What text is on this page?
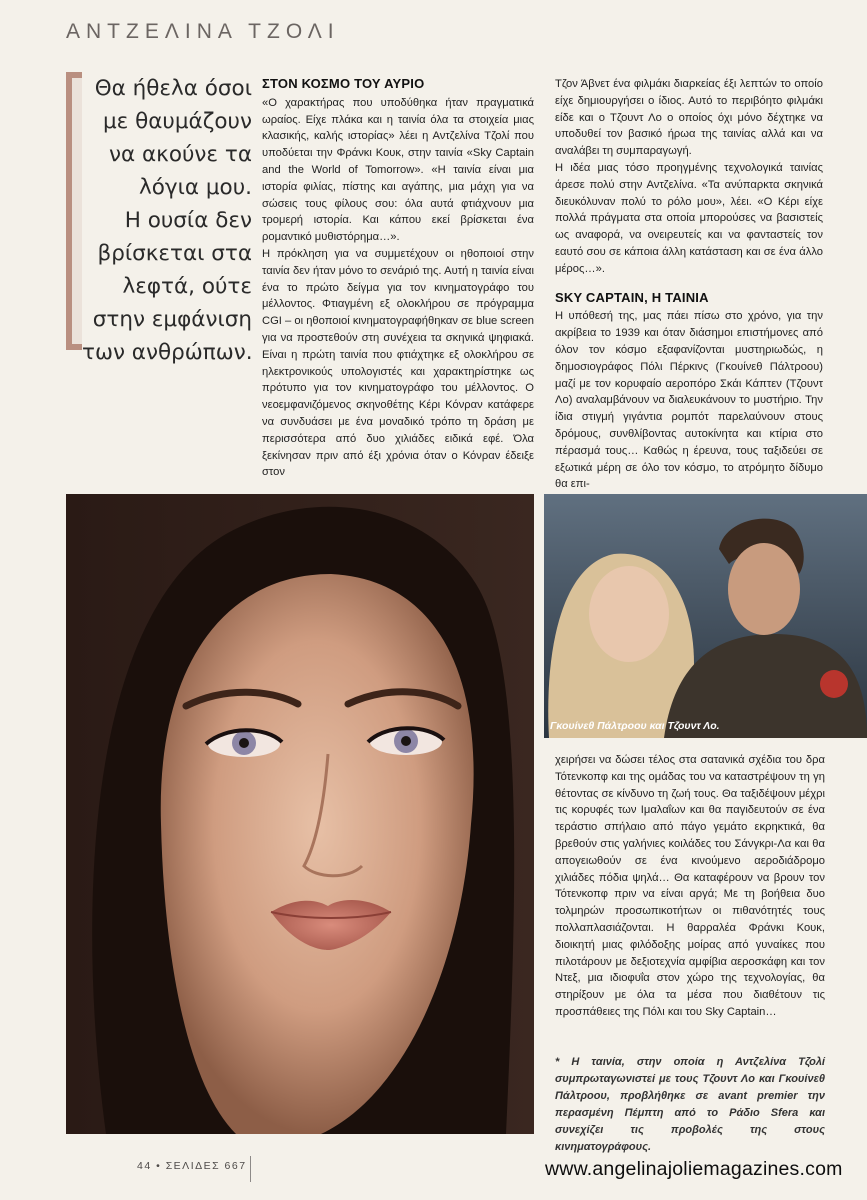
ΑΝΤΖΕΛΙΝΑ ΤΖΟΛΙ
Θα ήθελα όσοι
με θαυμάζουν
να ακούνε τα
λόγια μου.
Η ουσία δεν
βρίσκεται στα
λεφτά, ούτε
στην εμφάνιση
των ανθρώπων.
ΣΤΟΝ ΚΟΣΜΟ ΤΟΥ ΑΥΡΙΟ

«Ο χαρακτήρας που υποδύθηκα ήταν πραγματικά ωραίος. Είχε πλάκα και η ταινία όλα τα στοιχεία μιας κλασικής, καλής ιστορίας» λέει η Αντζελίνα Τζολί που υποδύεται την Φράνκι Κουκ, στην ταινία «Sky Captain and the World of Tomorrow». «Η ταινία είναι μια ιστορία φιλίας, πίστης και αγάπης, μια μάχη για να σώσεις τους φίλους σου: όλα αυτά φτιάχνουν μια τρομερή ιστορία. Και κάπου εκεί βρίσκεται ένα ρομαντικό μυθιστόρημα…».

Η πρόκληση για να συμμετέχουν οι ηθοποιοί στην ταινία δεν ήταν μόνο το σενάριό της. Αυτή η ταινία είναι ένα το πρώτο δείγμα για τον κινηματογράφο του μέλλοντος. Φτιαγμένη εξ ολοκλήρου σε πρόγραμμα CGI – οι ηθοποιοί κινηματογραφήθηκαν σε blue screen για να προστεθούν στη συνέχεια τα σκηνικά ψηφιακά. Είναι η πρώτη ταινία που φτιάχτηκε εξ ολοκλήρου σε ηλεκτρονικούς υπολογιστές και χαρακτηρίστηκε ως πρότυπο για τον κινηματογράφο του μέλλοντος. Ο νεοεμφανιζόμενος σκηνοθέτης Κέρι Κόνραν κατάφερε να συνδυάσει με ένα μοναδικό τρόπο τη δράση με περισσότερα από δυο χιλιάδες ειδικά εφέ. Όλα ξεκίνησαν πριν από έξι χρόνια όταν ο Κόνραν έδειξε στον

Τζον Άβνετ ένα φιλμάκι διαρκείας έξι λεπτών το οποίο είχε δημιουργήσει ο ίδιος. Αυτό το περιβόητο φιλμάκι είδε και ο Τζουντ Λο ο οποίος όχι μόνο δέχτηκε να υποδυθεί τον βασικό ήρωα της ταινίας αλλά και να αναλάβει τη συμπαραγωγή.

Η ιδέα μιας τόσο προηγμένης τεχνολογικά ταινίας άρεσε πολύ στην Αντζελίνα. «Τα ανύπαρκτα σκηνικά διευκόλυναν πολύ το ρόλο μου», λέει. «Ο Κέρι είχε πολλά πράγματα στα οποία μπορούσες να βασιστείς ως αναφορά, να ονειρευτείς και να φανταστείς τον εαυτό σου σε κάποια άλλη κατάσταση και σε ένα άλλο μέρος…».

SKY CAPTAIN, Η ΤΑΙΝΙΑ

Η υπόθεσή της, μας πάει πίσω στο χρόνο, για την ακρίβεια το 1939 και όταν διάσημοι επιστήμονες από όλον τον κόσμο εξαφανίζονται μυστηριωδώς, η δημοσιογράφος Πόλι Πέρκινς (Γκουίνεθ Πάλτροου) μαζί με τον κορυφαίο αεροπόρο Σκάι Κάπτεν (Τζουντ Λο) αναλαμβάνουν να διαλευκάνουν το μυστήριο. Την ίδια στιγμή γιγάντια ρομπότ παρελαύνουν στους δρόμους, συνθλίβοντας αυτοκίνητα και κτίρια στο πέρασμά τους… Καθώς η έρευνα, τους ταξιδεύει σε εξωτικά μέρη σε όλο τον κόσμο, το ατρόμητο δίδυμο θα επι-

Γκουίνεθ Πάλτροου και Τζουντ Λο.

χειρήσει να δώσει τέλος στα σατανικά σχέδια του δρα Τότενκοπφ και της ομάδας του να καταστρέψουν τη γη θέτοντας σε κίνδυνο τη ζωή τους. Θα ταξιδέψουν μέχρι τις κορυφές των Ιμαλαΐων και θα παγιδευτούν σε ένα τεράστιο σπήλαιο από πάγο γεμάτο εκρηκτικά, θα βρεθούν στις γαλήνιες κοιλάδες του Σάνγκρι-Λα και θα απογειωθούν σε ένα κινούμενο αεροδιάδρομο χιλιάδες πόδια ψηλά… Θα καταφέρουν να βρουν τον Τότενκοπφ πριν να είναι αργά; Με τη βοήθεια δυο τολμηρών προσωπικοτήτων οι πιθανότητές τους πολλαπλασιάζονται. Η θαρραλέα Φράνκι Κουκ, διοικητή μιας φιλόδοξης μοίρας από γυναίκες που πιλοτάρουν με δεξιοτεχνία αμφίβια αεροσκάφη και τον Ντεξ, μια ιδιοφυΐα στον χώρο της τεχνολογίας, θα στηρίξουν με όλα τα μέσα που διαθέτουν τις προσπάθειες της Πόλι και του Sky Captain…

* Η ταινία, στην οποία η Αντζελίνα Τζολί συμπρωταγωνιστεί με τους Τζουντ Λο και Γκουίνεθ Πάλτροου, προβλήθηκε σε avant premier την περασμένη Πέμπτη από το Ράδιο Sfera και συνεχίζει τις προβολές της στους κινηματογράφους.
44 • ΣΕΛΙΔΕΣ 667	www.angelinajoliemagazines.com
